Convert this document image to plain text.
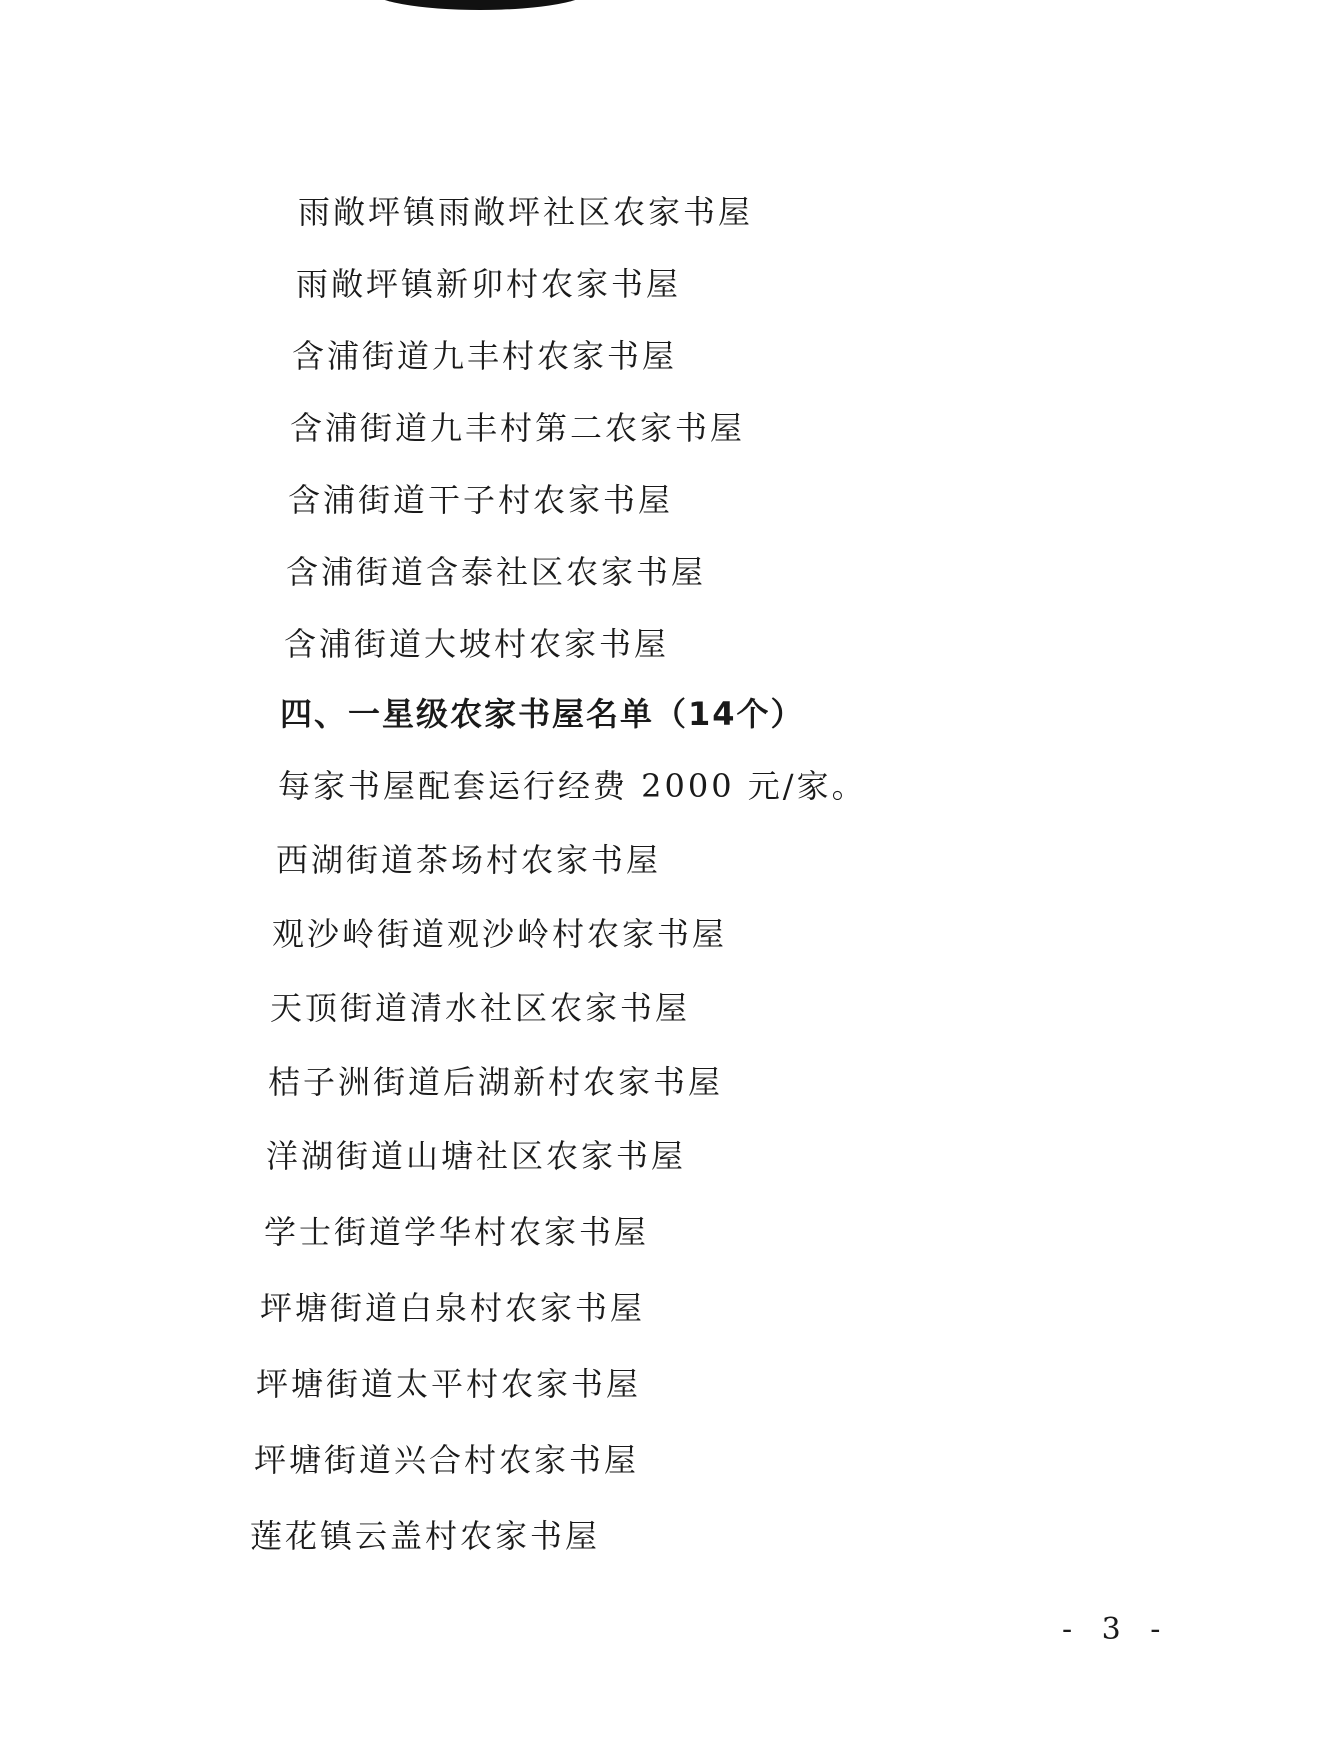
雨敞坪镇雨敞坪社区农家书屋
雨敞坪镇新卯村农家书屋
含浦街道九丰村农家书屋
含浦街道九丰村第二农家书屋
含浦街道干子村农家书屋
含浦街道含泰社区农家书屋
含浦街道大坡村农家书屋
四、一星级农家书屋名单（14个）
每家书屋配套运行经费 2000 元/家。
西湖街道茶场村农家书屋
观沙岭街道观沙岭村农家书屋
天顶街道清水社区农家书屋
桔子洲街道后湖新村农家书屋
洋湖街道山塘社区农家书屋
学士街道学华村农家书屋
坪塘街道白泉村农家书屋
坪塘街道太平村农家书屋
坪塘街道兴合村农家书屋
莲花镇云盖村农家书屋
- 3 -
